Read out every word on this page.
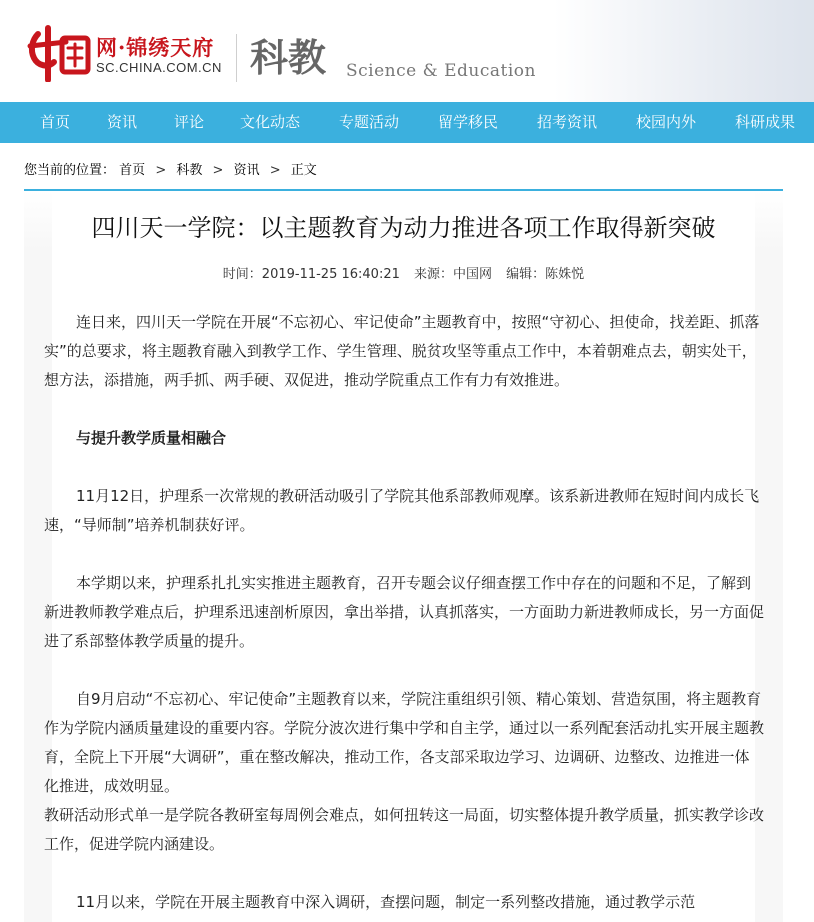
网·锦绣天府
SC.CHINA.COM.CN 科教 Science & Education
首页 资讯 评论 文化动态	专题活动	留学移民	招考资讯	校园内外	科研成果
您当前的位置： 首页 > 科教 > 资讯 > 正文
四川天一学院：以主题教育为动力推进各项工作取得新突破
时间：2019-11-25 16:40:21 来源：中国网 编辑：陈姝悦

连日来，四川天一学院在开展“不忘初心、牢记使命”主题教育中，按照“守初心、担使命，找差距、抓落实”的总要求，将主题教育融入到教学工作、学生管理、脱贫攻坚等重点工作中，本着朝难点去，朝实处干，想方法，添措施，两手抓、两手硬、双促进，推动学院重点工作有力有效推进。

与提升教学质量相融合

11月12日，护理系一次常规的教研活动吸引了学院其他系部教师观摩。该系新进教师在短时间内成长飞速，“导师制”培养机制获好评。

本学期以来，护理系扎扎实实推进主题教育，召开专题会议仔细查摆工作中存在的问题和不足，了解到新进教师教学难点后，护理系迅速剖析原因，拿出举措，认真抓落实，一方面助力新进教师成长，另一方面促进了系部整体教学质量的提升。

自9月启动“不忘初心、牢记使命”主题教育以来，学院注重组织引领、精心策划、营造氛围，将主题教育作为学院内涵质量建设的重要内容。学院分波次进行集中学和自主学，通过以一系列配套活动扎实开展主题教育，全院上下开展“大调研”，重在整改解决，推动工作，各支部采取边学习、边调研、边整改、边推进一体化推进，成效明显。

教研活动形式单一是学院各教研室每周例会难点，如何扭转这一局面，切实整体提升教学质量，抓实教学诊改工作，促进学院内涵建设。

11月以来，学院在开展主题教育中深入调研，查摆问题，制定一系列整改措施，通过教学示范
